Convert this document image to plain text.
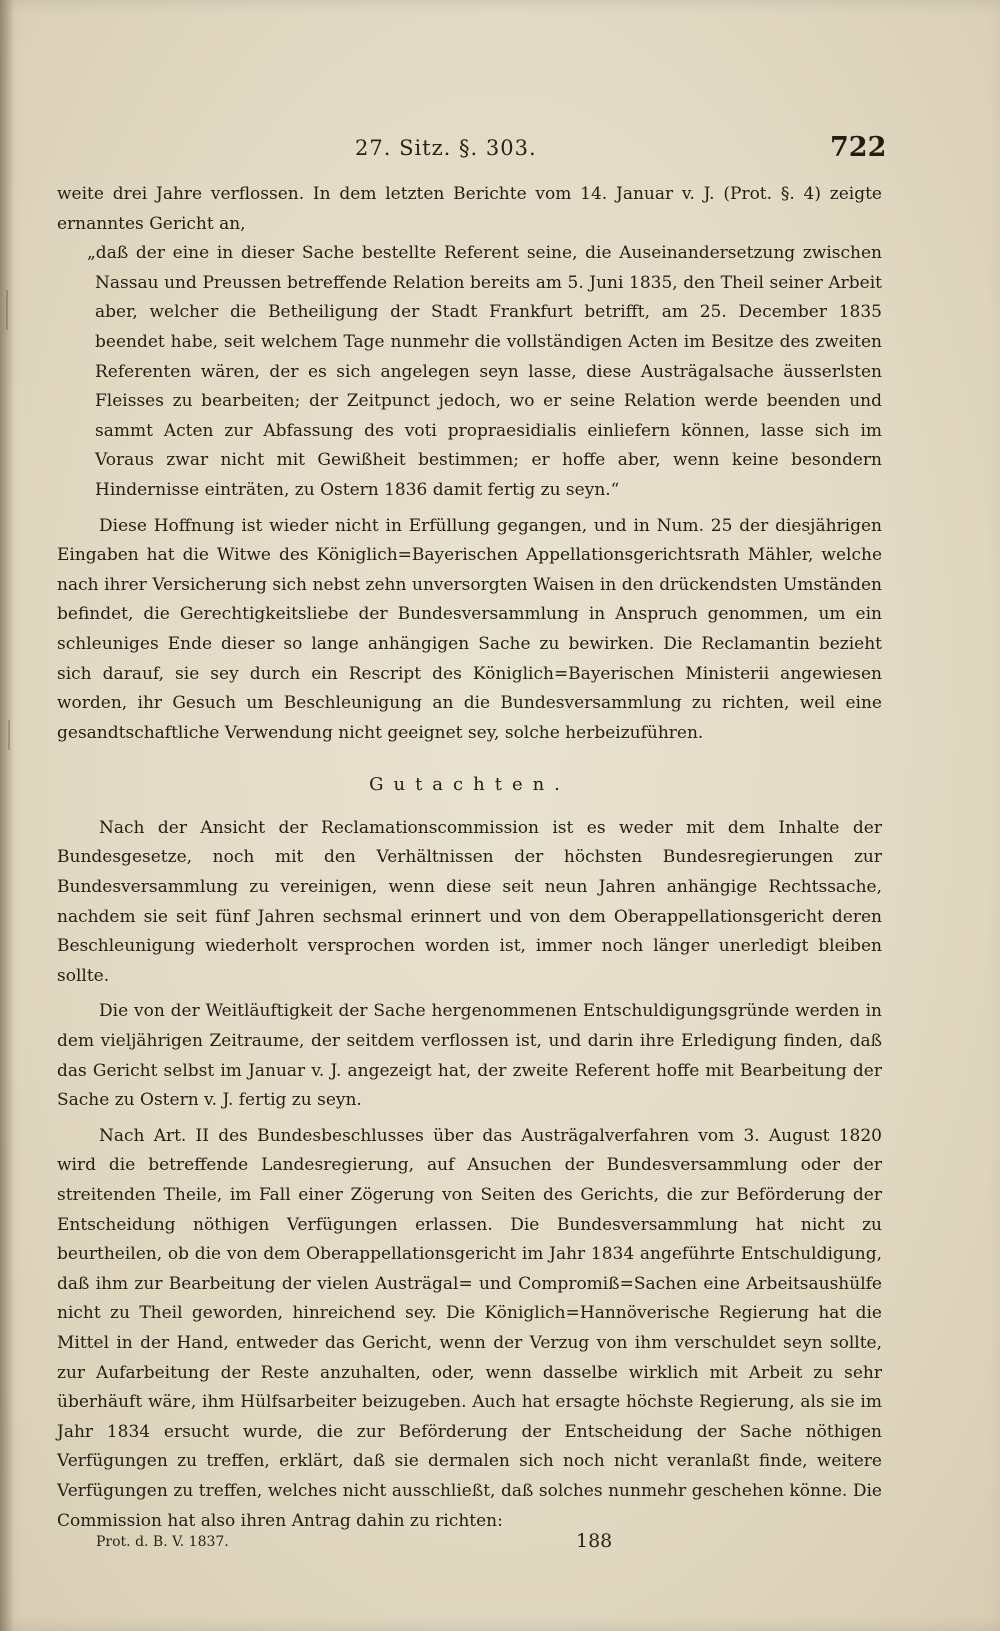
27. Sitz. §. 303.	722

weite drei Jahre verflossen. In dem letzten Berichte vom 14. Januar v. J. (Prot. §. 4) zeigte ernanntes Gericht an,

„daß der eine in dieser Sache bestellte Referent seine, die Auseinandersetzung zwischen Nassau und Preussen betreffende Relation bereits am 5. Juni 1835, den Theil seiner Arbeit aber, welcher die Betheiligung der Stadt Frankfurt betrifft, am 25. December 1835 beendet habe, seit welchem Tage nunmehr die vollständigen Acten im Besitze des zweiten Referenten wären, der es sich angelegen seyn lasse, diese Austrägalsache äusserlsten Fleisses zu bearbeiten; der Zeitpunct jedoch, wo er seine Relation werde beenden und sammt Acten zur Abfassung des voti propraesidialis einliefern können, lasse sich im Voraus zwar nicht mit Gewißheit bestimmen; er hoffe aber, wenn keine besondern Hindernisse einträten, zu Ostern 1836 damit fertig zu seyn.“

Diese Hoffnung ist wieder nicht in Erfüllung gegangen, und in Num. 25 der diesjährigen Eingaben hat die Witwe des Königlich=Bayerischen Appellationsgerichtsrath Mähler, welche nach ihrer Versicherung sich nebst zehn unversorgten Waisen in den drückendsten Umständen befindet, die Gerechtigkeitsliebe der Bundesversammlung in Anspruch genommen, um ein schleuniges Ende dieser so lange anhängigen Sache zu bewirken. Die Reclamantin bezieht sich darauf, sie sey durch ein Rescript des Königlich=Bayerischen Ministerii angewiesen worden, ihr Gesuch um Beschleunigung an die Bundesversammlung zu richten, weil eine gesandtschaftliche Verwendung nicht geeignet sey, solche herbeizuführen.

Gutachten.

Nach der Ansicht der Reclamationscommission ist es weder mit dem Inhalte der Bundesgesetze, noch mit den Verhältnissen der höchsten Bundesregierungen zur Bundesversammlung zu vereinigen, wenn diese seit neun Jahren anhängige Rechtssache, nachdem sie seit fünf Jahren sechsmal erinnert und von dem Oberappellationsgericht deren Beschleunigung wiederholt versprochen worden ist, immer noch länger unerledigt bleiben sollte.

Die von der Weitläuftigkeit der Sache hergenommenen Entschuldigungsgründe werden in dem vieljährigen Zeitraume, der seitdem verflossen ist, und darin ihre Erledigung finden, daß das Gericht selbst im Januar v. J. angezeigt hat, der zweite Referent hoffe mit Bearbeitung der Sache zu Ostern v. J. fertig zu seyn.

Nach Art. II des Bundesbeschlusses über das Austrägalverfahren vom 3. August 1820 wird die betreffende Landesregierung, auf Ansuchen der Bundesversammlung oder der streitenden Theile, im Fall einer Zögerung von Seiten des Gerichts, die zur Beförderung der Entscheidung nöthigen Verfügungen erlassen. Die Bundesversammlung hat nicht zu beurtheilen, ob die von dem Oberappellationsgericht im Jahr 1834 angeführte Entschuldigung, daß ihm zur Bearbeitung der vielen Austrägal= und Compromiß=Sachen eine Arbeitsaushülfe nicht zu Theil geworden, hinreichend sey. Die Königlich=Hannöverische Regierung hat die Mittel in der Hand, entweder das Gericht, wenn der Verzug von ihm verschuldet seyn sollte, zur Aufarbeitung der Reste anzuhalten, oder, wenn dasselbe wirklich mit Arbeit zu sehr überhäuft wäre, ihm Hülfsarbeiter beizugeben. Auch hat ersagte höchste Regierung, als sie im Jahr 1834 ersucht wurde, die zur Beförderung der Entscheidung der Sache nöthigen Verfügungen zu treffen, erklärt, daß sie dermalen sich noch nicht veranlaßt finde, weitere Verfügungen zu treffen, welches nicht ausschließt, daß solches nunmehr geschehen könne. Die Commission hat also ihren Antrag dahin zu richten:

Prot. d. B. V. 1837.	188
